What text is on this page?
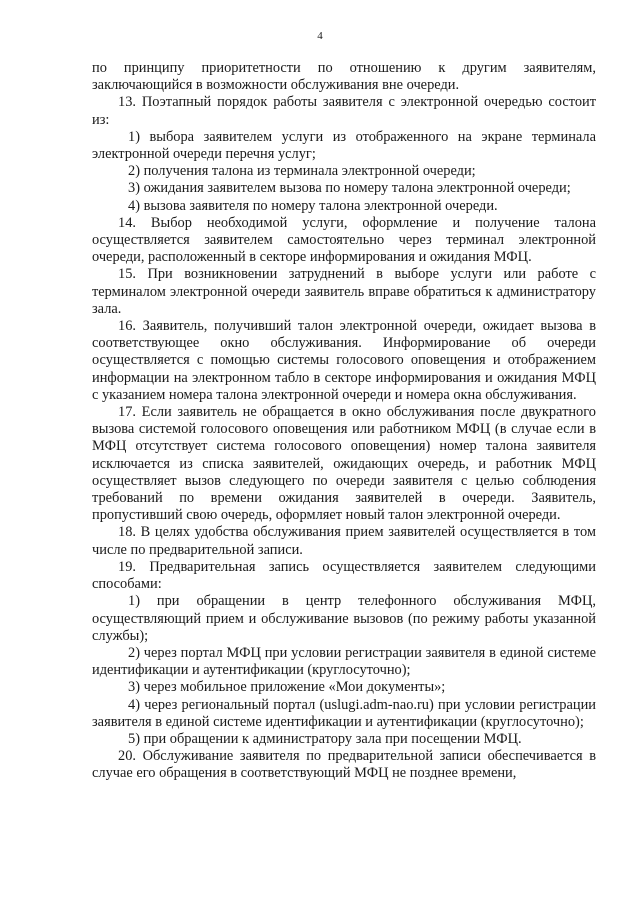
4

по принципу приоритетности по отношению к другим заявителям, заключающийся в возможности обслуживания вне очереди.

13. Поэтапный порядок работы заявителя с электронной очередью состоит из:

1) выбора заявителем услуги из отображенного на экране терминала электронной очереди перечня услуг;

2) получения талона из терминала электронной очереди;

3) ожидания заявителем вызова по номеру талона электронной очереди;

4) вызова заявителя по номеру талона электронной очереди.

14. Выбор необходимой услуги, оформление и получение талона осуществляется заявителем самостоятельно через терминал электронной очереди, расположенный в секторе информирования и ожидания МФЦ.

15. При возникновении затруднений в выборе услуги или работе с терминалом электронной очереди заявитель вправе обратиться к администратору зала.

16. Заявитель, получивший талон электронной очереди, ожидает вызова в соответствующее окно обслуживания. Информирование об очереди осуществляется с помощью системы голосового оповещения и отображением информации на электронном табло в секторе информирования и ожидания МФЦ с указанием номера талона электронной очереди и номера окна обслуживания.

17. Если заявитель не обращается в окно обслуживания после двукратного вызова системой голосового оповещения или работником МФЦ (в случае если в МФЦ отсутствует система голосового оповещения) номер талона заявителя исключается из списка заявителей, ожидающих очередь, и работник МФЦ осуществляет вызов следующего по очереди заявителя с целью соблюдения требований по времени ожидания заявителей в очереди. Заявитель, пропустивший свою очередь, оформляет новый талон электронной очереди.

18. В целях удобства обслуживания прием заявителей осуществляется в том числе по предварительной записи.

19. Предварительная запись осуществляется заявителем следующими способами:

1) при обращении в центр телефонного обслуживания МФЦ, осуществляющий прием и обслуживание вызовов (по режиму работы указанной службы);

2) через портал МФЦ при условии регистрации заявителя в единой системе идентификации и аутентификации (круглосуточно);

3) через мобильное приложение «Мои документы»;

4) через региональный портал (uslugi.adm-nao.ru) при условии регистрации заявителя в единой системе идентификации и аутентификации (круглосуточно);

5) при обращении к администратору зала при посещении МФЦ.

20. Обслуживание заявителя по предварительной записи обеспечивается в случае его обращения в соответствующий МФЦ не позднее времени,
